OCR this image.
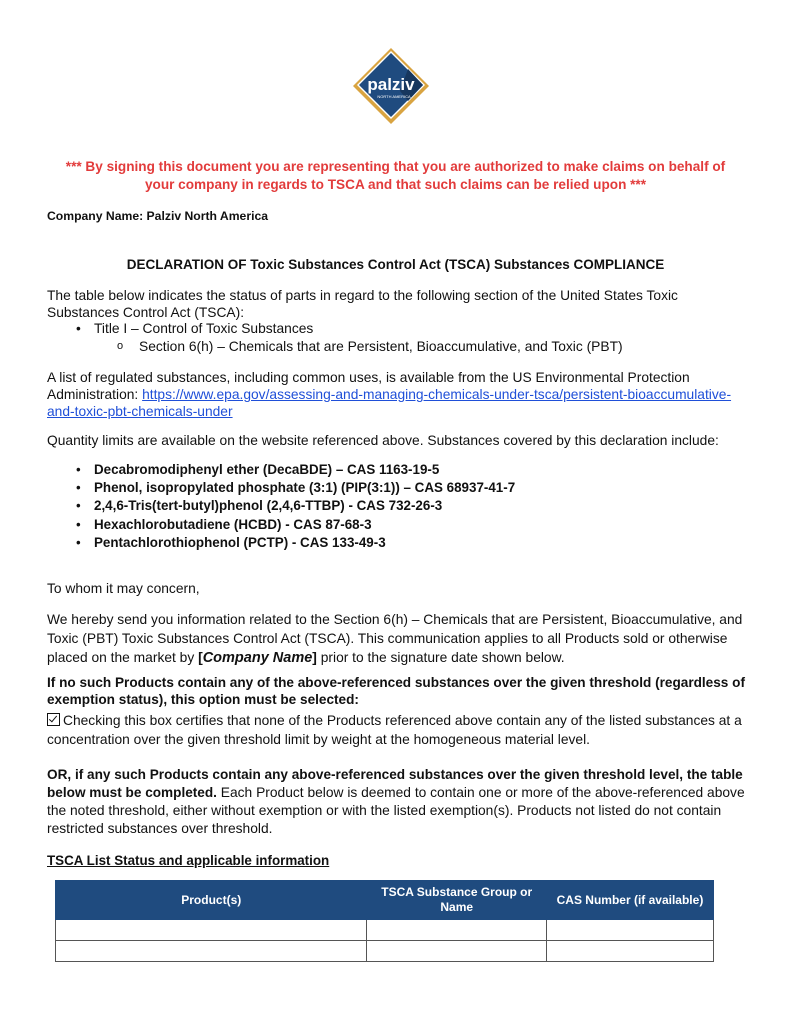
palziv
NORTH AMERICA
*** By signing this document you are representing that you are authorized to make claims on behalf of
your company in regards to TSCA and that such claims can be relied upon ***
Company Name: Palziv North America
DECLARATION OF Toxic Substances Control Act (TSCA) Substances COMPLIANCE
The table below indicates the status of parts in regard to the following section of the United States Toxic Substances Control Act (TSCA):
• Title I – Control of Toxic Substances
o Section 6(h) – Chemicals that are Persistent, Bioaccumulative, and Toxic (PBT)
A list of regulated substances, including common uses, is available from the US Environmental Protection Administration: https://www.epa.gov/assessing-and-managing-chemicals-under-tsca/persistent-bioaccumulative-and-toxic-pbt-chemicals-under
Quantity limits are available on the website referenced above. Substances covered by this declaration include:
• Decabromodiphenyl ether (DecaBDE) – CAS 1163-19-5
• Phenol, isopropylated phosphate (3:1) (PIP(3:1)) – CAS 68937-41-7
• 2,4,6-Tris(tert-butyl)phenol (2,4,6-TTBP) - CAS 732-26-3
• Hexachlorobutadiene (HCBD) - CAS 87-68-3
• Pentachlorothiophenol (PCTP) - CAS 133-49-3
To whom it may concern,
We hereby send you information related to the Section 6(h) – Chemicals that are Persistent, Bioaccumulative, and Toxic (PBT) Toxic Substances Control Act (TSCA). This communication applies to all Products sold or otherwise placed on the market by [Company Name] prior to the signature date shown below.
If no such Products contain any of the above-referenced substances over the given threshold (regardless of exemption status), this option must be selected:
Checking this box certifies that none of the Products referenced above contain any of the listed substances at a concentration over the given threshold limit by weight at the homogeneous material level.
OR, if any such Products contain any above-referenced substances over the given threshold level, the table below must be completed. Each Product below is deemed to contain one or more of the above-referenced above the noted threshold, either without exemption or with the listed exemption(s). Products not listed do not contain restricted substances over threshold.
TSCA List Status and applicable information
Product(s)	TSCA Substance Group or Name	CAS Number (if available)
